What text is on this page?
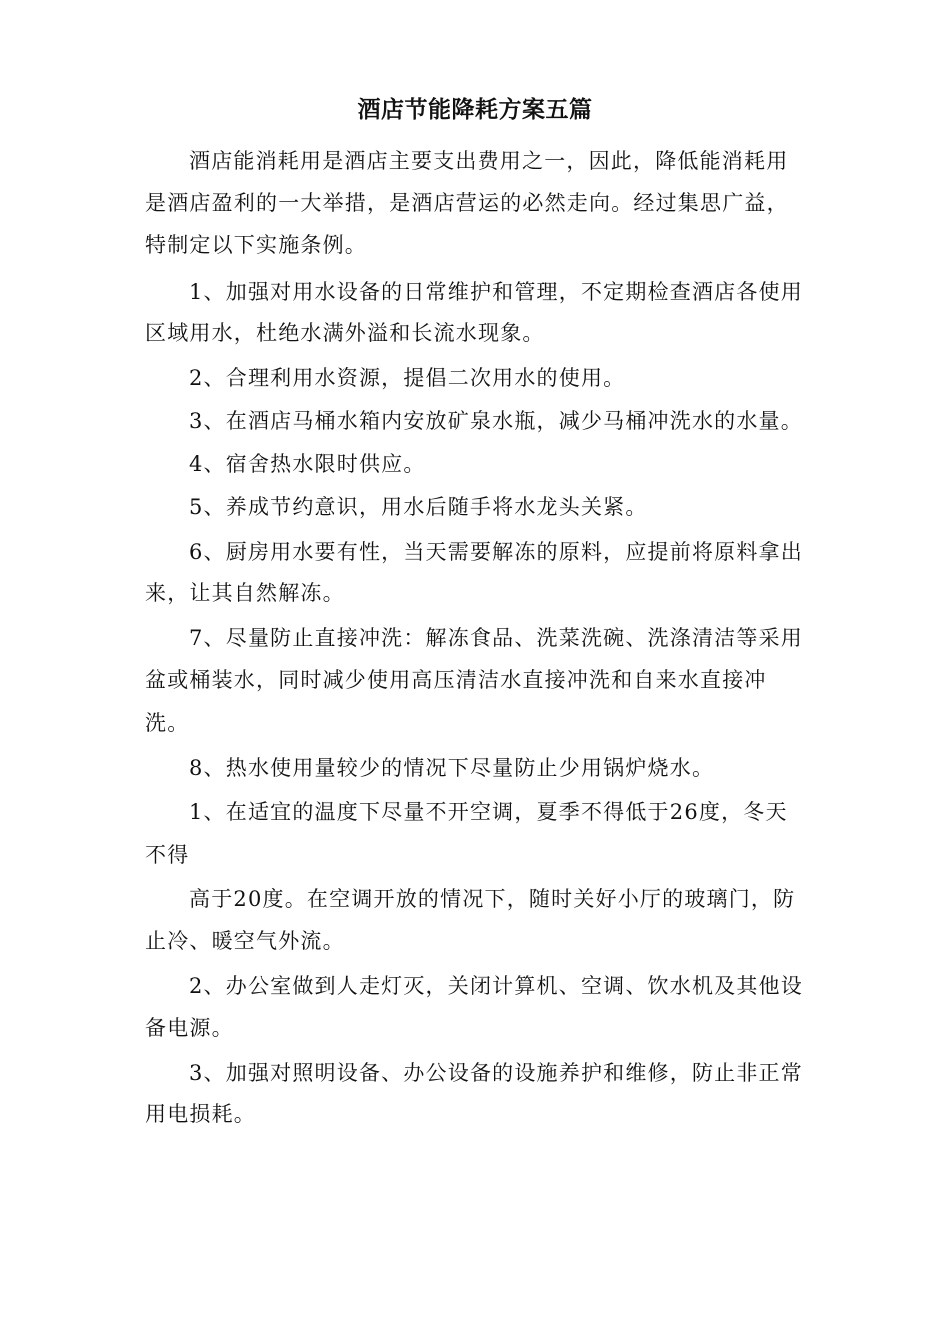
酒店节能降耗方案五篇
酒店能消耗用是酒店主要支出费用之一，因此，降低能消耗用
是酒店盈利的一大举措，是酒店营运的必然走向。经过集思广益，
特制定以下实施条例。
1、加强对用水设备的日常维护和管理，不定期检查酒店各使用
区域用水，杜绝水满外溢和长流水现象。
2、合理利用水资源，提倡二次用水的使用。
3、在酒店马桶水箱内安放矿泉水瓶，减少马桶冲洗水的水量。
4、宿舍热水限时供应。
5、养成节约意识，用水后随手将水龙头关紧。
6、厨房用水要有性，当天需要解冻的原料，应提前将原料拿出
来，让其自然解冻。
7、尽量防止直接冲洗：解冻食品、洗菜洗碗、洗涤清洁等采用
盆或桶装水，同时减少使用高压清洁水直接冲洗和自来水直接冲
洗。
8、热水使用量较少的情况下尽量防止少用锅炉烧水。
1、在适宜的温度下尽量不开空调，夏季不得低于26度，冬天
不得
高于20度。在空调开放的情况下，随时关好小厅的玻璃门，防
止冷、暖空气外流。
2、办公室做到人走灯灭，关闭计算机、空调、饮水机及其他设
备电源。
3、加强对照明设备、办公设备的设施养护和维修，防止非正常
用电损耗。
